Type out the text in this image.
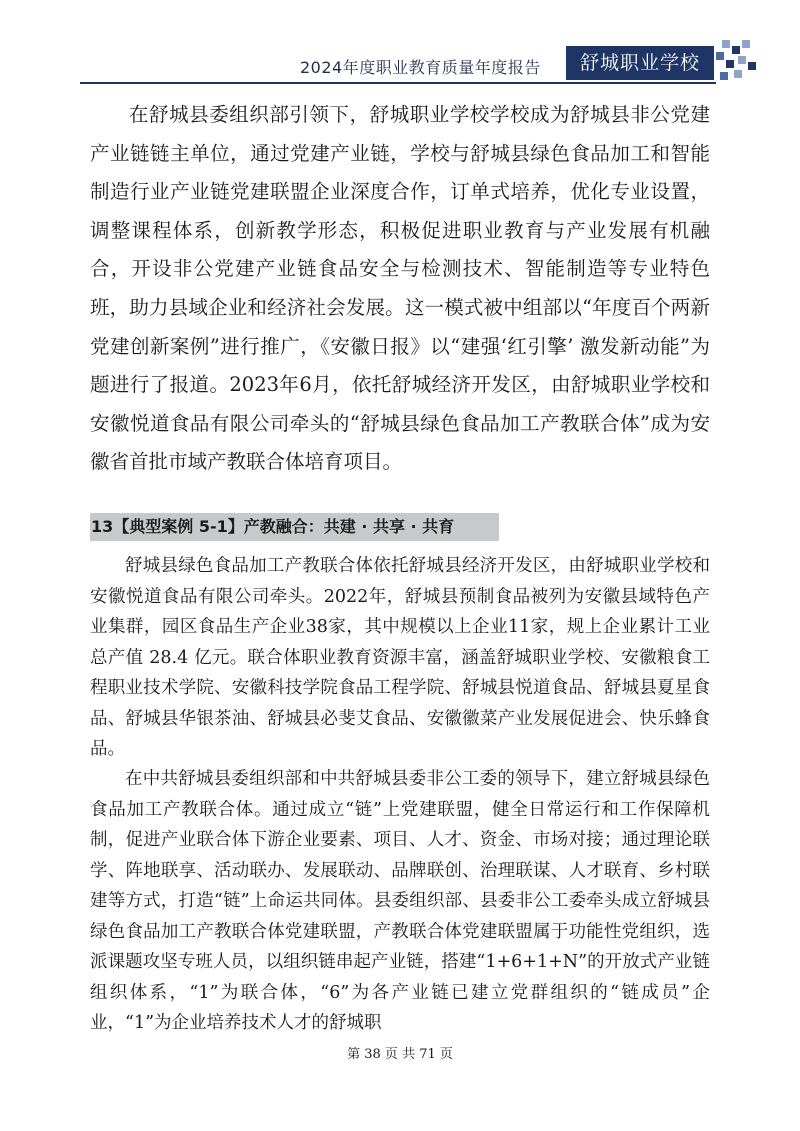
2024年度职业教育质量年度报告	舒城职业学校

在舒城县委组织部引领下，舒城职业学校学校成为舒城县非公党建产业链链主单位，通过党建产业链，学校与舒城县绿色食品加工和智能制造行业产业链党建联盟企业深度合作，订单式培养，优化专业设置，调整课程体系，创新教学形态，积极促进职业教育与产业发展有机融合，开设非公党建产业链食品安全与检测技术、智能制造等专业特色班，助力县域企业和经济社会发展。这一模式被中组部以“年度百个两新党建创新案例”进行推广，《安徽日报》以“建强‘红引擎’ 激发新动能”为题进行了报道。2023年6月，依托舒城经济开发区，由舒城职业学校和安徽悦道食品有限公司牵头的“舒城县绿色食品加工产教联合体”成为安徽省首批市域产教联合体培育项目。

13【典型案例 5-1】产教融合：共建 · 共享 · 共育

舒城县绿色食品加工产教联合体依托舒城县经济开发区，由舒城职业学校和安徽悦道食品有限公司牵头。2022年，舒城县预制食品被列为安徽县域特色产业集群，园区食品生产企业38家，其中规模以上企业11家，规上企业累计工业总产值 28.4 亿元。联合体职业教育资源丰富，涵盖舒城职业学校、安徽粮食工程职业技术学院、安徽科技学院食品工程学院、舒城县悦道食品、舒城县夏星食品、舒城县华银茶油、舒城县必斐艾食品、安徽徽菜产业发展促进会、快乐蜂食品。

在中共舒城县委组织部和中共舒城县委非公工委的领导下，建立舒城县绿色食品加工产教联合体。通过成立“链”上党建联盟，健全日常运行和工作保障机制，促进产业联合体下游企业要素、项目、人才、资金、市场对接；通过理论联学、阵地联享、活动联办、发展联动、品牌联创、治理联谋、人才联育、乡村联建等方式，打造“链”上命运共同体。县委组织部、县委非公工委牵头成立舒城县绿色食品加工产教联合体党建联盟，产教联合体党建联盟属于功能性党组织，选派课题攻坚专班人员，以组织链串起产业链，搭建“1+6+1+N”的开放式产业链组织体系，“1”为联合体，“6”为各产业链已建立党群组织的“链成员”企业，“1”为企业培养技术人才的舒城职

第 38 页 共 71 页
